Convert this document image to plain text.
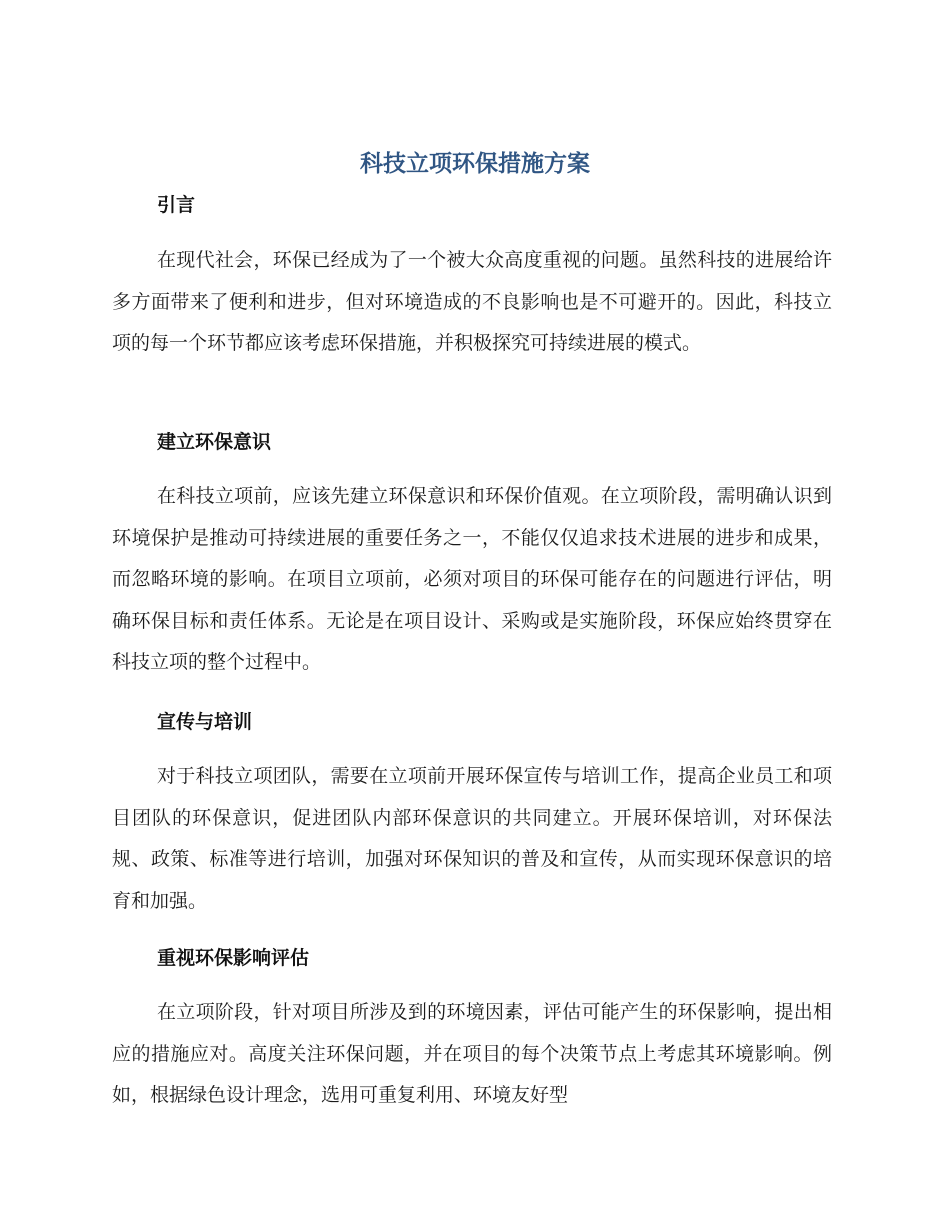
科技立项环保措施方案
引言

在现代社会，环保已经成为了一个被大众高度重视的问题。虽然科技的进展给许多方面带来了便利和进步，但对环境造成的不良影响也是不可避开的。因此，科技立项的每一个环节都应该考虑环保措施，并积极探究可持续进展的模式。

建立环保意识

在科技立项前，应该先建立环保意识和环保价值观。在立项阶段，需明确认识到环境保护是推动可持续进展的重要任务之一，不能仅仅追求技术进展的进步和成果，而忽略环境的影响。在项目立项前，必须对项目的环保可能存在的问题进行评估，明确环保目标和责任体系。无论是在项目设计、采购或是实施阶段，环保应始终贯穿在科技立项的整个过程中。

宣传与培训

对于科技立项团队，需要在立项前开展环保宣传与培训工作，提高企业员工和项目团队的环保意识，促进团队内部环保意识的共同建立。开展环保培训，对环保法规、政策、标准等进行培训，加强对环保知识的普及和宣传，从而实现环保意识的培育和加强。

重视环保影响评估

在立项阶段，针对项目所涉及到的环境因素，评估可能产生的环保影响，提出相应的措施应对。高度关注环保问题，并在项目的每个决策节点上考虑其环境影响。例如，根据绿色设计理念，选用可重复利用、环境友好型
